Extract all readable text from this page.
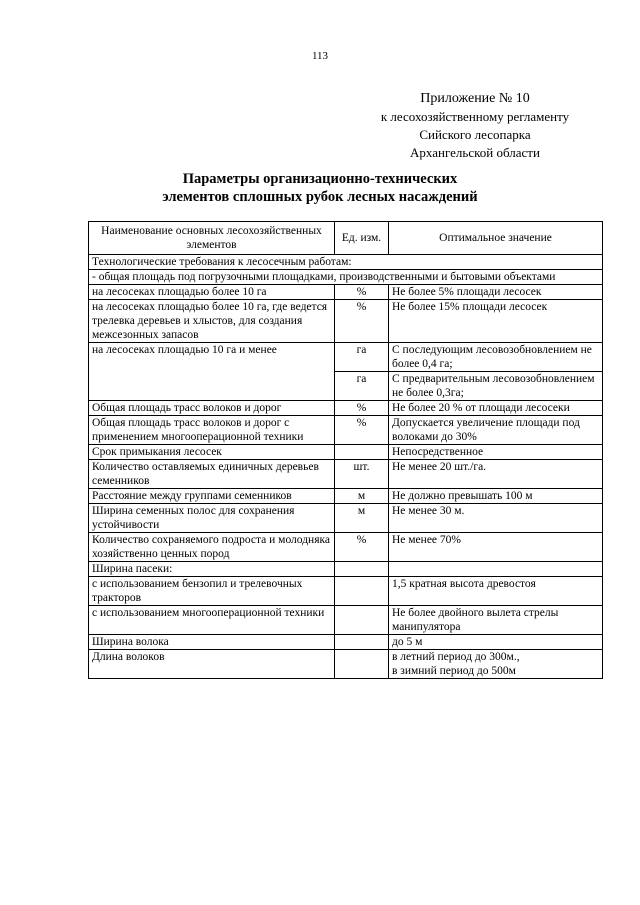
113
Приложение № 10
к лесохозяйственному регламенту
Сийского лесопарка
Архангельской области
Параметры организационно-технических
элементов сплошных рубок лесных насаждений
Наименование основных лесохозяйственных элементов	Ед. изм.	Оптимальное значение
Технологические требования к лесосечным работам:		
- общая площадь под погрузочными площадками, производственными и бытовыми объектами		
на лесосеках площадью более 10 га	%	Не более 5% площади лесосек
на лесосеках площадью более 10 га, где ведется трелевка деревьев и хлыстов, для создания межсезонных запасов	%	Не более 15% площади лесосек
на лесосеках площадью 10 га и менее	га	С последующим лесовозобновлением не более 0,4 га;
	га	С предварительным лесовозобновлением не более 0,3га;
Общая площадь трасс волоков и дорог	%	Не более 20 % от площади лесосеки
Общая площадь трасс волоков и дорог с применением многооперационной техники	%	Допускается увеличение площади под волоками до 30%
Срок примыкания лесосек		Непосредственное
Количество оставляемых единичных деревьев семенников	шт.	Не менее 20 шт./га.
Расстояние между группами семенников	м	Не должно превышать 100 м
Ширина семенных полос для сохранения устойчивости	м	Не менее 30 м.
Количество сохраняемого подроста и молодняка хозяйственно ценных пород	%	Не менее 70%
Ширина пасеки:		
с использованием бензопил и трелевочных тракторов		1,5 кратная высота древостоя
с использованием многооперационной техники		Не более двойного вылета стрелы манипулятора
Ширина волока		до 5 м
Длина волоков		в летний период до 300м.,
в зимний период до 500м
